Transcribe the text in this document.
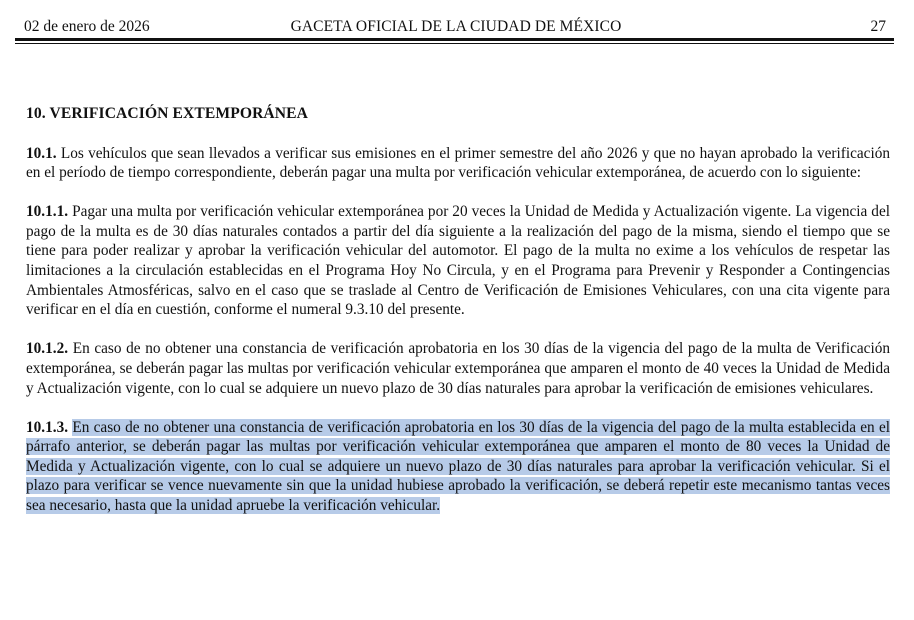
02 de enero de 2026	GACETA OFICIAL DE LA CIUDAD DE MÉXICO	27
10. VERIFICACIÓN EXTEMPORÁNEA

10.1. Los vehículos que sean llevados a verificar sus emisiones en el primer semestre del año 2026 y que no hayan aprobado la verificación en el período de tiempo correspondiente, deberán pagar una multa por verificación vehicular extemporánea, de acuerdo con lo siguiente:

10.1.1. Pagar una multa por verificación vehicular extemporánea por 20 veces la Unidad de Medida y Actualización vigente. La vigencia del pago de la multa es de 30 días naturales contados a partir del día siguiente a la realización del pago de la misma, siendo el tiempo que se tiene para poder realizar y aprobar la verificación vehicular del automotor. El pago de la multa no exime a los vehículos de respetar las limitaciones a la circulación establecidas en el Programa Hoy No Circula, y en el Programa para Prevenir y Responder a Contingencias Ambientales Atmosféricas, salvo en el caso que se traslade al Centro de Verificación de Emisiones Vehiculares, con una cita vigente para verificar en el día en cuestión, conforme el numeral 9.3.10 del presente.

10.1.2. En caso de no obtener una constancia de verificación aprobatoria en los 30 días de la vigencia del pago de la multa de Verificación extemporánea, se deberán pagar las multas por verificación vehicular extemporánea que amparen el monto de 40 veces la Unidad de Medida y Actualización vigente, con lo cual se adquiere un nuevo plazo de 30 días naturales para aprobar la verificación de emisiones vehiculares.

10.1.3. En caso de no obtener una constancia de verificación aprobatoria en los 30 días de la vigencia del pago de la multa establecida en el párrafo anterior, se deberán pagar las multas por verificación vehicular extemporánea que amparen el monto de 80 veces la Unidad de Medida y Actualización vigente, con lo cual se adquiere un nuevo plazo de 30 días naturales para aprobar la verificación vehicular. Si el plazo para verificar se vence nuevamente sin que la unidad hubiese aprobado la verificación, se deberá repetir este mecanismo tantas veces sea necesario, hasta que la unidad apruebe la verificación vehicular.
